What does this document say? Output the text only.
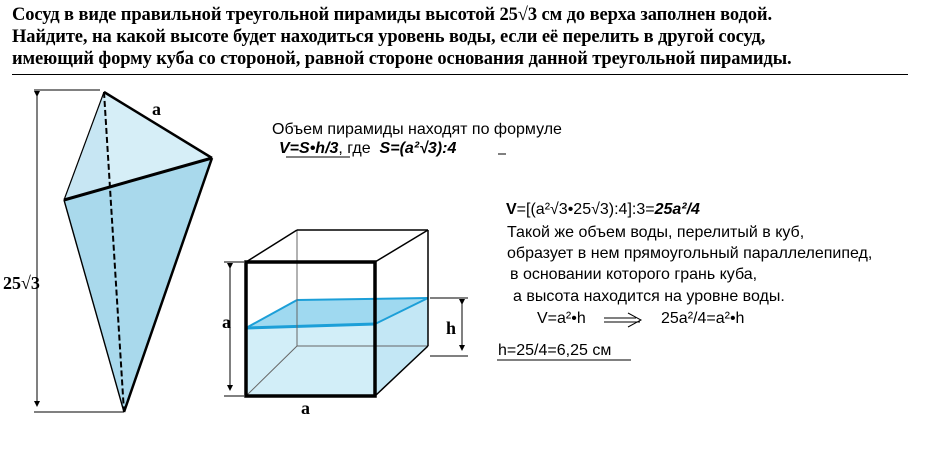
Сосуд в виде правильной треугольной пирамиды высотой 25√3 см до верха заполнен водой.
Найдите, на какой высоте будет находиться уровень воды, если её перелить в другой сосуд,
имеющий форму куба со стороной, равной стороне основания данной треугольной пирамиды.
a
25√3
a
a
h
Объем пирамиды находят по формуле
V=S•h/3, где S=(a²√3):4
V=[(a²√3•25√3):4]:3=25a²/4
Такой же объем воды, перелитый в куб,
образует в нем прямоугольный параллелепипед,
в основании которого грань куба,
а высота находится на уровне воды.
V=a²•h	25a²/4=a²•h
h=25/4=6,25 см
